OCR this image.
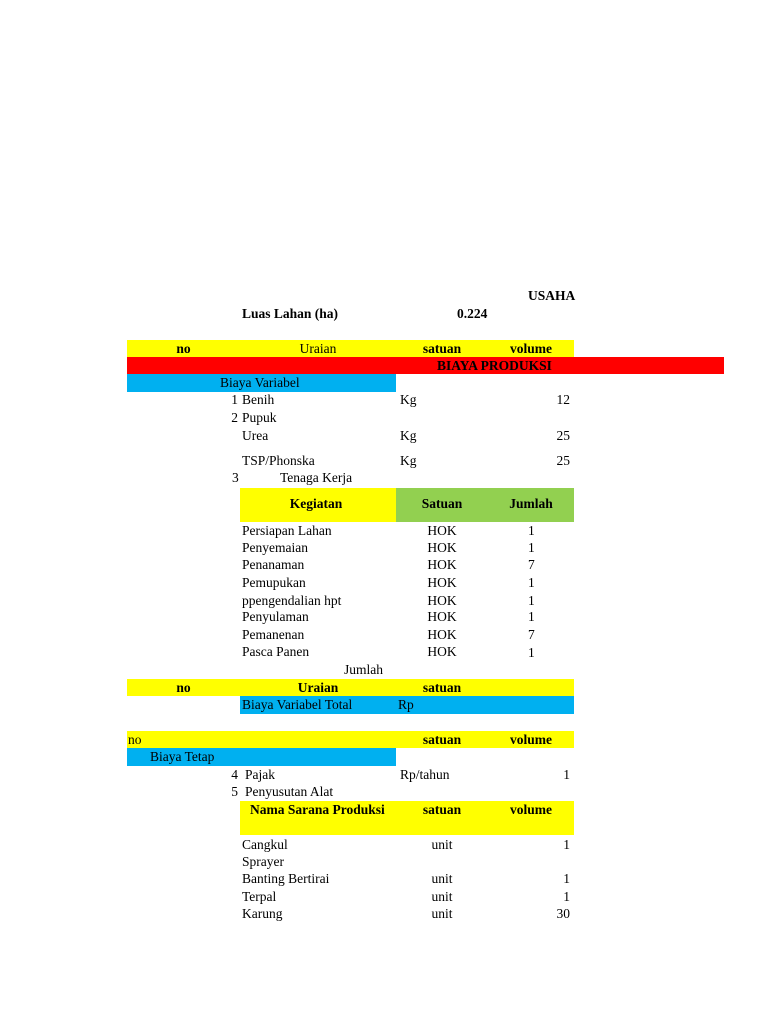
USAHA
Luas Lahan (ha)	0.224
no	Uraian	satuan	volume
BIAYA PRODUKSI
Biaya Variabel
1 Benih	Kg	12
2 Pupuk
Urea	Kg	25
TSP/Phonska	Kg	25
3	Tenaga Kerja
Kegiatan	Satuan	Jumlah
Persiapan Lahan	HOK	1
Penyemaian	HOK	1
Penanaman	HOK	7
Pemupukan	HOK	1
ppengendalian hpt	HOK	1
Penyulaman	HOK	1
Pemanenan	HOK	7
Pasca Panen	HOK	1
Jumlah
no	Uraian	satuan
Biaya Variabel Total	Rp
no	satuan	volume
Biaya Tetap
4 Pajak	Rp/tahun	1
5 Penyusutan Alat
Nama Sarana Produksi	satuan	volume
Cangkul	unit	1
Sprayer
Banting Bertirai	unit	1
Terpal	unit	1
Karung	unit	30
